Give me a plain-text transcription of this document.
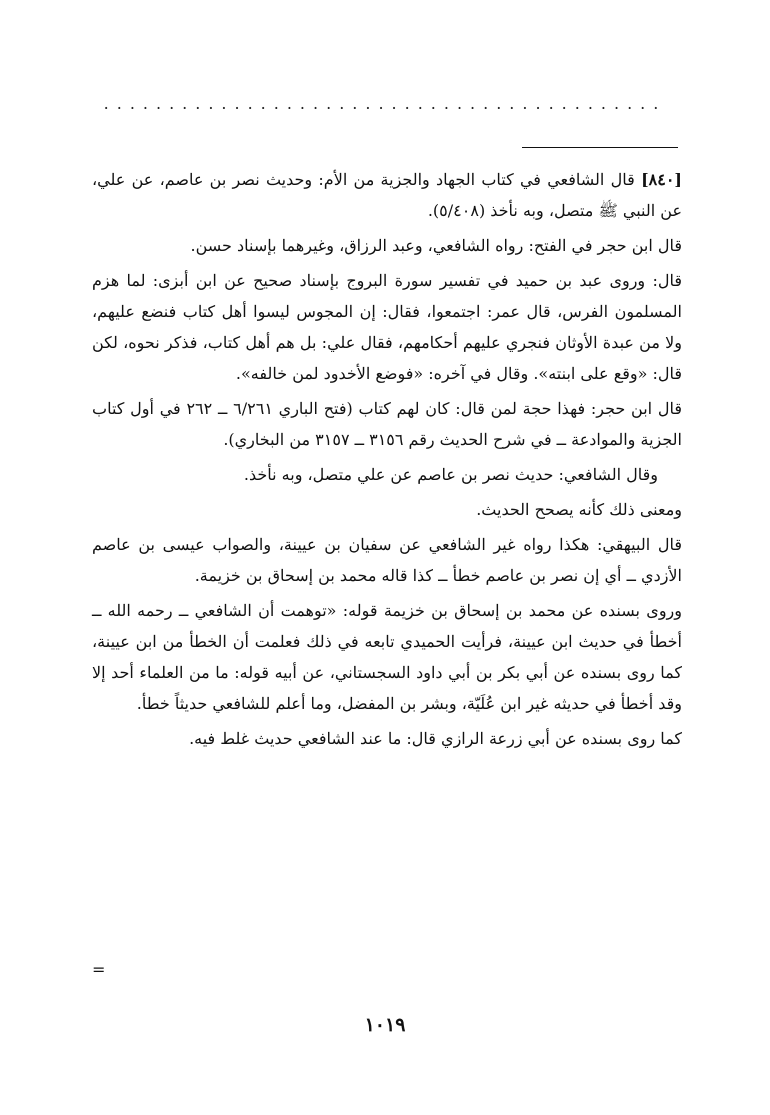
...........................................

[٨٤٠] قال الشافعي في كتاب الجهاد والجزية من الأم: وحديث نصر بن عاصم، عن علي، عن النبي ﷺ متصل، وبه نأخذ (٥/٤٠٨).

قال ابن حجر في الفتح: رواه الشافعي، وعبد الرزاق، وغيرهما بإسناد حسن.

قال: وروى عبد بن حميد في تفسير سورة البروج بإسناد صحيح عن ابن أبزى: لما هزم المسلمون الفرس، قال عمر: اجتمعوا، فقال: إن المجوس ليسوا أهل كتاب فنضع عليهم، ولا من عبدة الأوثان فنجري عليهم أحكامهم، فقال علي: بل هم أهل كتاب، فذكر نحوه، لكن قال: «وقع على ابنته». وقال في آخره: «فوضع الأخدود لمن خالفه».

قال ابن حجر: فهذا حجة لمن قال: كان لهم كتاب (فتح الباري ٦/٢٦١ ــ ٢٦٢ في أول كتاب الجزية والموادعة ــ في شرح الحديث رقم ٣١٥٦ ــ ٣١٥٧ من البخاري).

وقال الشافعي: حديث نصر بن عاصم عن علي متصل، وبه نأخذ.

ومعنى ذلك كأنه يصحح الحديث.

قال البيهقي: هكذا رواه غير الشافعي عن سفيان بن عيينة، والصواب عيسى بن عاصم الأزدي ــ أي إن نصر بن عاصم خطأ ــ كذا قاله محمد بن إسحاق بن خزيمة.

وروى بسنده عن محمد بن إسحاق بن خزيمة قوله: «توهمت أن الشافعي ــ رحمه الله ــ أخطأ في حديث ابن عيينة، فرأيت الحميدي تابعه في ذلك فعلمت أن الخطأ من ابن عيينة، كما روى بسنده عن أبي بكر بن أبي داود السجستاني، عن أبيه قوله: ما من العلماء أحد إلا وقد أخطأ في حديثه غير ابن عُلَيّة، وبشر بن المفضل، وما أعلم للشافعي حديثاً خطأ.

كما روى بسنده عن أبي زرعة الرازي قال: ما عند الشافعي حديث غلط فيه.

=
١٠١٩
